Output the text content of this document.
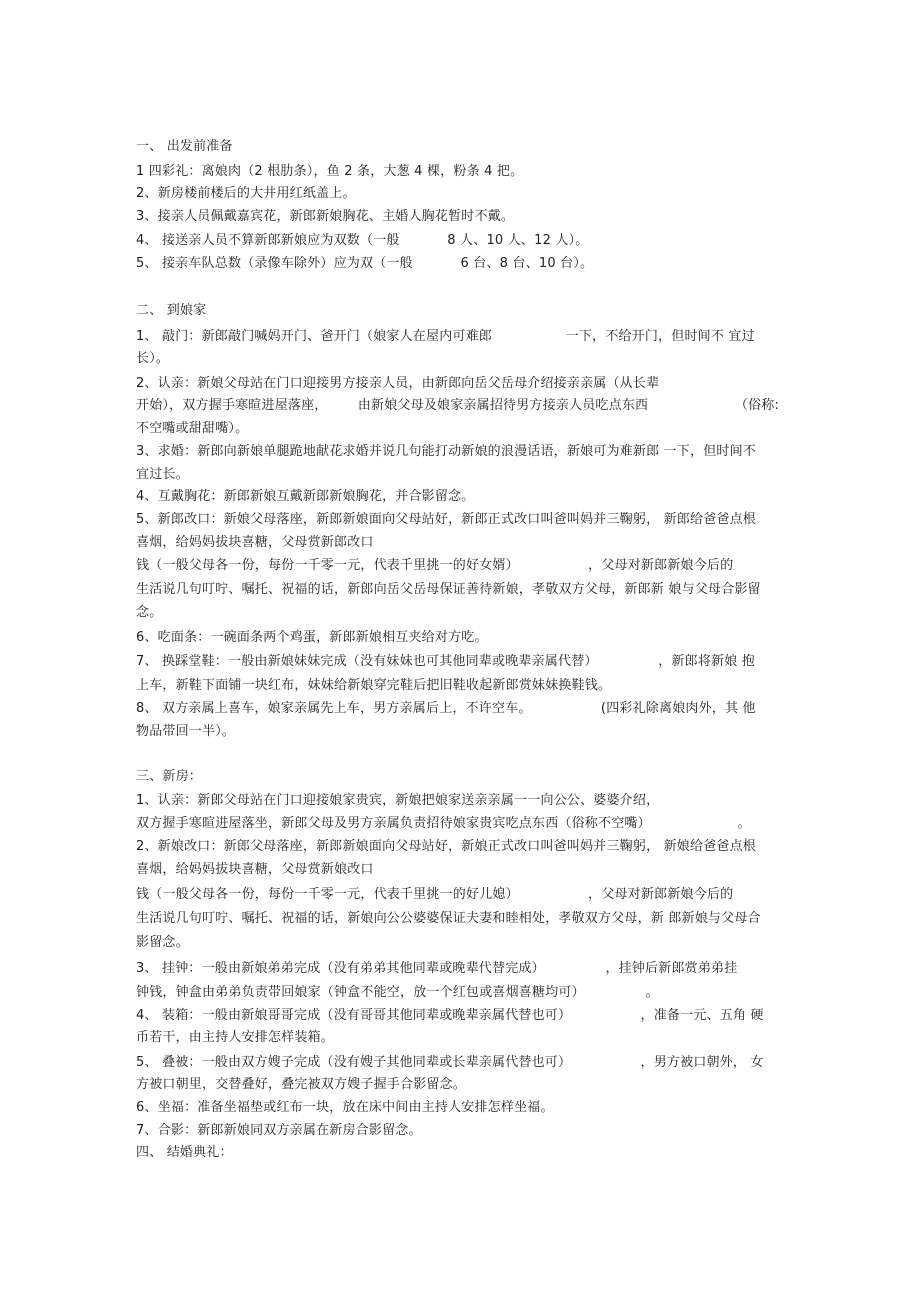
一、 出发前准备
1 四彩礼：离娘肉（2 根肋条），鱼 2 条，大葱 4 棵，粉条 4 把。
2、新房楼前楼后的大井用红纸盖上。
3、接亲人员佩戴嘉宾花，新郎新娘胸花、主婚人胸花暂时不戴。
4、 接送亲人员不算新郎新娘应为双数（一般           8 人、10 人、12 人）。
5、 接亲车队总数（录像车除外）应为双（一般           6 台、8 台、10 台）。
二、 到娘家
1、 敲门：新郎敲门喊妈开门、爸开门（娘家人在屋内可难郎                 一下，不给开门，但时间不 宜过
长）。
2、认亲：新娘父母站在门口迎接男方接亲人员，由新郎向岳父岳母介绍接亲亲属（从长辈
开始），双方握手寒暄进屋落座，       由新娘父母及娘家亲属招待男方接亲人员吃点东西                    （俗称:
不空嘴或甜甜嘴）。
3、求婚：新郎向新娘单腿跪地献花求婚并说几句能打动新娘的浪漫话语，新娘可为难新郎 一下，但时间不
宜过长。
4、互戴胸花：新郎新娘互戴新郎新娘胸花，并合影留念。
5、新郎改口：新娘父母落座，新郎新娘面向父母站好，新郎正式改口叫爸叫妈并三鞠躬， 新郎给爸爸点根
喜烟，给妈妈拔块喜糖，父母赏新郎改口
钱（一般父母各一份，每份一千零一元，代表千里挑一的好女婿）                ，父母对新郎新娘今后的
生活说几句叮咛、嘱托、祝福的话，新郎向岳父岳母保证善待新娘，孝敬双方父母，新郎新 娘与父母合影留
念。
6、吃面条：一碗面条两个鸡蛋，新郎新娘相互夹给对方吃。
7、 换踩堂鞋：一般由新娘妹妹完成（没有妹妹也可其他同辈或晚辈亲属代替）              ，新郎将新娘 抱
上车，新鞋下面铺一块红布，妹妹给新娘穿完鞋后把旧鞋收起新郎赏妹妹换鞋钱。
8、 双方亲属上喜车，娘家亲属先上车，男方亲属后上，不许空车。                (四彩礼除离娘肉外，其 他
物品带回一半）。
三、新房：
1、认亲：新郎父母站在门口迎接娘家贵宾，新娘把娘家送亲亲属一一向公公、婆婆介绍，
双方握手寒暄进屋落坐，新郎父母及男方亲属负责招待娘家贵宾吃点东西（俗称不空嘴）                    。
2、新娘改口：新郎父母落座，新郎新娘面向父母站好，新娘正式改口叫爸叫妈并三鞠躬， 新娘给爸爸点根
喜烟，给妈妈拔块喜糖，父母赏新娘改口
钱（一般父母各一份，每份一千零一元，代表千里挑一的好儿媳）                ，父母对新郎新娘今后的
生活说几句叮咛、嘱托、祝福的话，新娘向公公婆婆保证夫妻和睦相处，孝敬双方父母，新 郎新娘与父母合
影留念。
3、 挂钟：一般由新娘弟弟完成（没有弟弟其他同辈或晚辈代替完成）              ，挂钟后新郎赏弟弟挂
钟钱，钟盒由弟弟负责带回娘家（钟盒不能空，放一个红包或喜烟喜糖均可）              。
4、 装箱：一般由新娘哥哥完成（没有哥哥其他同辈或晚辈亲属代替也可）                ，准备一元、五角 硬
币若干，由主持人安排怎样装箱。
5、 叠被：一般由双方嫂子完成（没有嫂子其他同辈或长辈亲属代替也可）                ，男方被口朝外， 女
方被口朝里，交替叠好，叠完被双方嫂子握手合影留念。
6、坐福：准备坐福垫或红布一块，放在床中间由主持人安排怎样坐福。
7、合影：新郎新娘同双方亲属在新房合影留念。
四、 结婚典礼：
